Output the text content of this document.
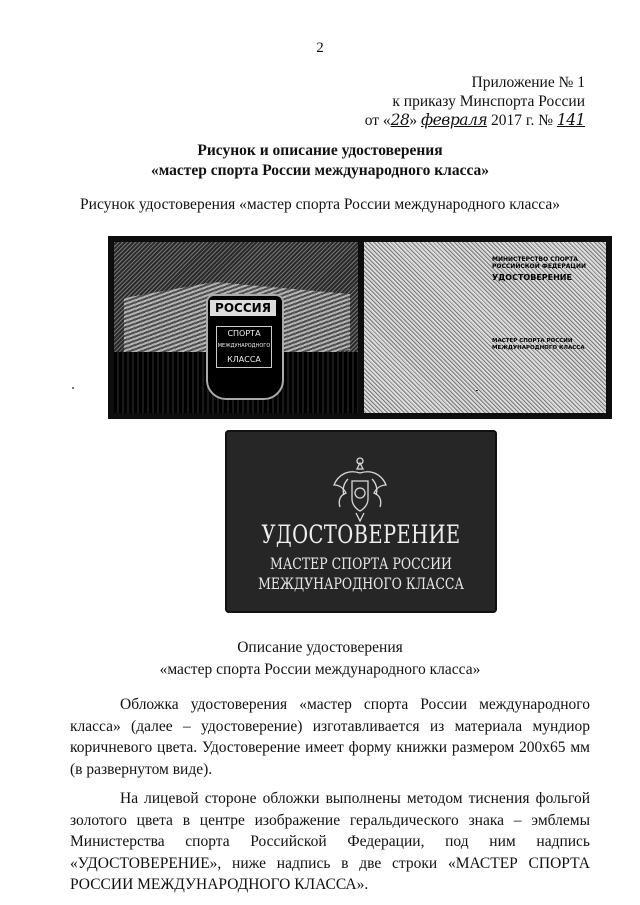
2
Приложение № 1
к приказу Минспорта России
от «28» февраля 2017 г. № 141
Рисунок и описание удостоверения
«мастер спорта России международного класса»
Рисунок удостоверения «мастер спорта России международного класса»
РОССИЯ
СПОРТА
МЕЖДУНАРОДНОГО
КЛАССА
МИНИСТЕРСТВО СПОРТА
РОССИЙСКОЙ ФЕДЕРАЦИИ
УДОСТОВЕРЕНИЕ
МАСТЕР СПОРТА РОССИИ
МЕЖДУНАРОДНОГО КЛАССА

УДОСТОВЕРЕНИЕ
МАСТЕР СПОРТА РОССИИ
МЕЖДУНАРОДНОГО КЛАССА
Описание удостоверения
«мастер спорта России международного класса»

Обложка удостоверения «мастер спорта России международного класса» (далее – удостоверение) изготавливается из материала мундиор коричневого цвета. Удостоверение имеет форму книжки размером 200х65 мм (в развернутом виде).

На лицевой стороне обложки выполнены методом тиснения фольгой золотого цвета в центре изображение геральдического знака – эмблемы Министерства спорта Российской Федерации, под ним надпись «УДОСТОВЕРЕНИЕ», ниже надпись в две строки «МАСТЕР СПОРТА РОССИИ МЕЖДУНАРОДНОГО КЛАССА».
